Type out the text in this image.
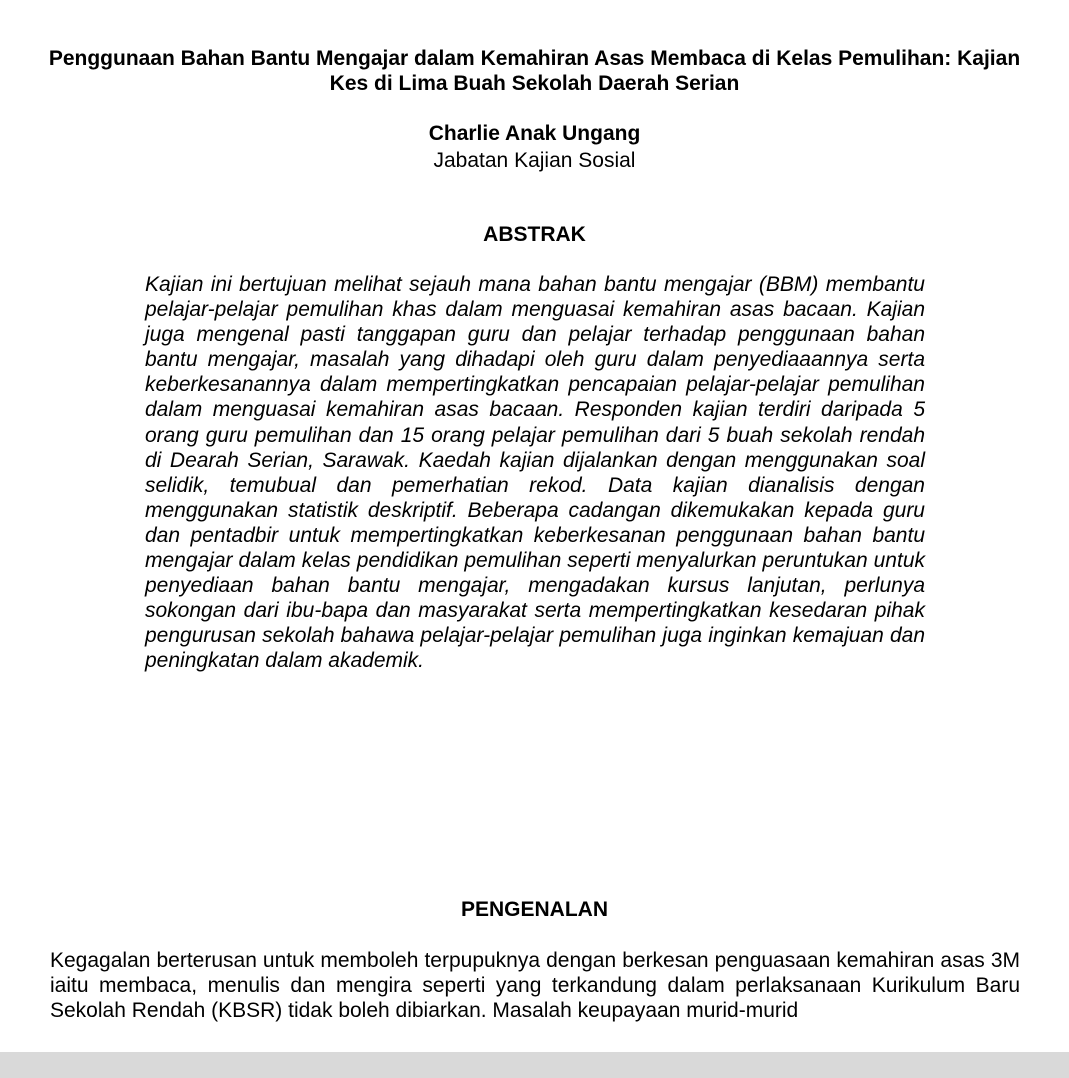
Penggunaan Bahan Bantu Mengajar dalam Kemahiran Asas Membaca di Kelas Pemulihan: Kajian Kes di Lima Buah Sekolah Daerah Serian
Charlie Anak Ungang
Jabatan Kajian Sosial
ABSTRAK

Kajian ini bertujuan melihat sejauh mana bahan bantu mengajar (BBM) membantu pelajar-pelajar pemulihan khas dalam menguasai kemahiran asas bacaan. Kajian juga mengenal pasti tanggapan guru dan pelajar terhadap penggunaan bahan bantu mengajar, masalah yang dihadapi oleh guru dalam penyediaaannya serta keberkesanannya dalam mempertingkatkan pencapaian pelajar-pelajar pemulihan dalam menguasai kemahiran asas bacaan. Responden kajian terdiri daripada 5 orang guru pemulihan dan 15 orang pelajar pemulihan dari 5 buah sekolah rendah di Dearah Serian, Sarawak. Kaedah kajian dijalankan dengan menggunakan soal selidik, temubual dan pemerhatian rekod. Data kajian dianalisis dengan menggunakan statistik deskriptif. Beberapa cadangan dikemukakan kepada guru dan pentadbir untuk mempertingkatkan keberkesanan penggunaan bahan bantu mengajar dalam kelas pendidikan pemulihan seperti menyalurkan peruntukan untuk penyediaan bahan bantu mengajar, mengadakan kursus lanjutan, perlunya sokongan dari ibu-bapa dan masyarakat serta mempertingkatkan kesedaran pihak pengurusan sekolah bahawa pelajar-pelajar pemulihan juga inginkan kemajuan dan peningkatan dalam akademik.

PENGENALAN

Kegagalan berterusan untuk memboleh terpupuknya dengan berkesan penguasaan kemahiran asas 3M iaitu membaca, menulis dan mengira seperti yang terkandung dalam perlaksanaan Kurikulum Baru Sekolah Rendah (KBSR) tidak boleh dibiarkan. Masalah keupayaan murid-murid
